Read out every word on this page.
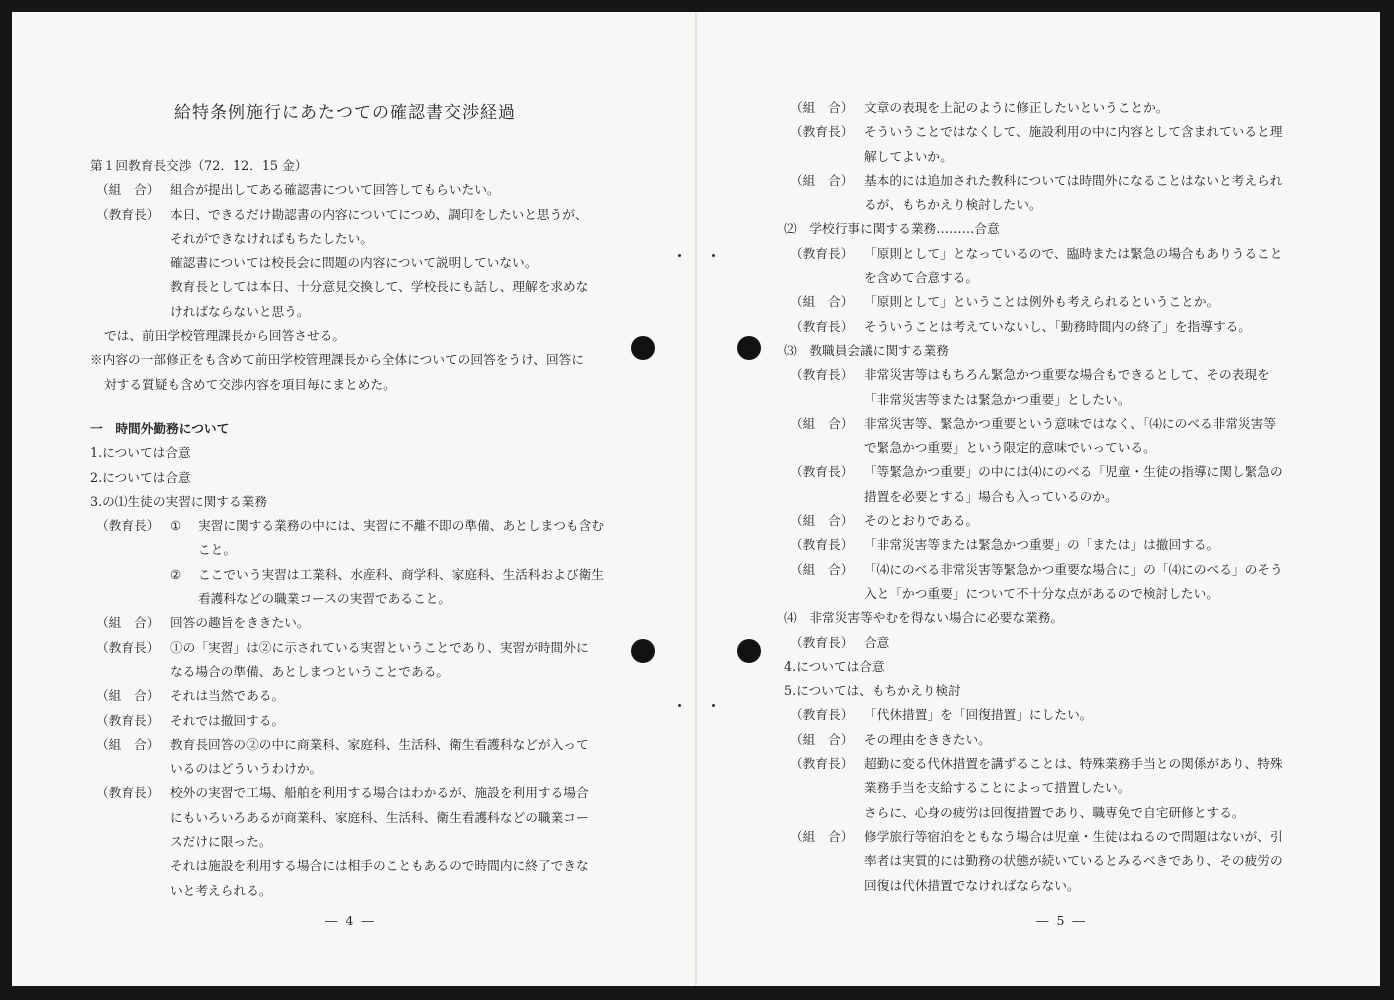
給特条例施行にあたつての確認書交渉経過
第１回教育長交渉（72．12．15 金）
（組　合） 組合が提出してある確認書について回答してもらいたい。
（教育長） 本日、できるだけ勘認書の内容についてにつめ、調印をしたいと思うが、
それができなければもちたしたい。
確認書については校長会に問題の内容について説明していない。
教育長としては本日、十分意見交換して、学校長にも話し、理解を求めな
ければならないと思う。
では、前田学校管理課長から回答させる。
※内容の一部修正をも含めて前田学校管理課長から全体についての回答をうけ、回答に
対する質疑も含めて交渉内容を項目毎にまとめた。
一　時間外勤務について
1.については合意
2.については合意
3.の⑴生徒の実習に関する業務
（教育長） ① 実習に関する業務の中には、実習に不離不即の準備、あとしまつも含む
こと。
② ここでいう実習は工業科、水産科、商学科、家庭科、生活科および衛生
看護科などの職業コースの実習であること。
（組　合） 回答の趣旨をききたい。
（教育長） ①の「実習」は②に示されている実習ということであり、実習が時間外に
なる場合の準備、あとしまつということである。
（組　合） それは当然である。
（教育長） それでは撤回する。
（組　合） 教育長回答の②の中に商業科、家庭科、生活科、衛生看護科などが入って
いるのはどういうわけか。
（教育長） 校外の実習で工場、船舶を利用する場合はわかるが、施設を利用する場合
にもいろいろあるが商業科、家庭科、生活科、衛生看護科などの職業コー
スだけに限った。
それは施設を利用する場合には相手のこともあるので時間内に終了できな
いと考えられる。
― 4 ―
（組　合） 文章の表現を上記のように修正したいということか。
（教育長） そういうことではなくして、施設利用の中に内容として含まれていると理
解してよいか。
（組　合） 基本的には追加された教科については時間外になることはないと考えられ
るが、もちかえり検討したい。
⑵　学校行事に関する業務………合意
（教育長） 「原則として」となっているので、臨時または緊急の場合もありうること
を含めて合意する。
（組　合） 「原則として」ということは例外も考えられるということか。
（教育長） そういうことは考えていないし、「勤務時間内の終了」を指導する。
⑶　教職員会議に関する業務
（教育長） 非常災害等はもちろん緊急かつ重要な場合もできるとして、その表現を
「非常災害等または緊急かつ重要」としたい。
（組　合） 非常災害等、緊急かつ重要という意味ではなく、「⑷にのべる非常災害等
で緊急かつ重要」という限定的意味でいっている。
（教育長） 「等緊急かつ重要」の中には⑷にのべる「児童・生徒の指導に関し緊急の
措置を必要とする」場合も入っているのか。
（組　合） そのとおりである。
（教育長） 「非常災害等または緊急かつ重要」の「または」は撤回する。
（組　合） 「⑷にのべる非常災害等緊急かつ重要な場合に」の「⑷にのべる」のそう
入と「かつ重要」について不十分な点があるので検討したい。
⑷　非常災害等やむを得ない場合に必要な業務。
（教育長） 合意
4.については合意
5.については、もちかえり検討
（教育長） 「代休措置」を「回復措置」にしたい。
（組　合） その理由をききたい。
（教育長） 超勤に変る代休措置を講ずることは、特殊業務手当との関係があり、特殊
業務手当を支給することによって措置したい。
さらに、心身の疲労は回復措置であり、職専免で自宅研修とする。
（組　合） 修学旅行等宿泊をともなう場合は児童・生徒はねるので問題はないが、引
率者は実質的には勤務の状態が続いているとみるべきであり、その疲労の
回復は代休措置でなければならない。
― 5 ―
